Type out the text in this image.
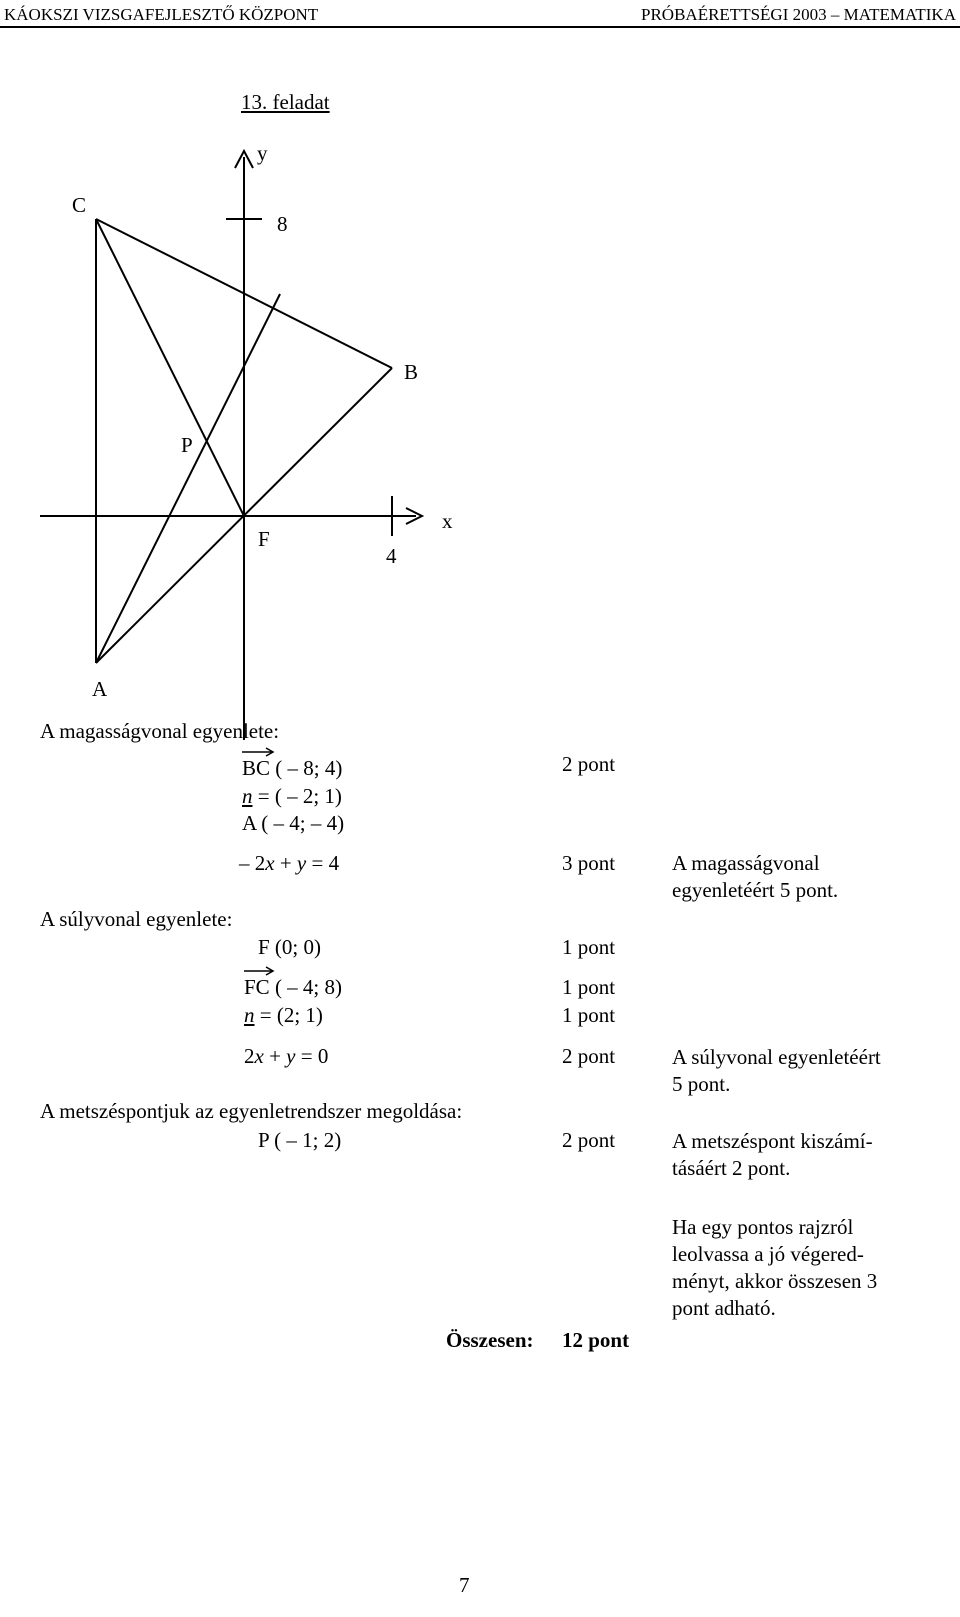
KÁOKSZI VIZSGAFEJLESZTŐ KÖZPONT	PRÓBAÉRETTSÉGI 2003 – MATEMATIKA
13. feladat
y
x
8
4
C
B
P
F
A
A magasságvonal egyenlete:
BC ( – 8; 4)
n = ( – 2; 1)
A ( – 4; – 4)
– 2x + y = 4
A súlyvonal egyenlete:
F (0; 0)
FC ( – 4; 8)
n = (2; 1)
2x + y = 0
A metszéspontjuk az egyenletrendszer megoldása:
P ( – 1; 2)
2 pont
3 pont
1 pont
1 pont
1 pont
2 pont
2 pont
A magasságvonal
egyenletéért 5 pont.
A súlyvonal egyenletéért
5 pont.
A metszéspont kiszámí-
tásáért 2 pont.
Ha egy pontos rajzról
leolvassa a jó végered-
ményt, akkor összesen 3
pont adható.
Összesen: 12 pont
7
